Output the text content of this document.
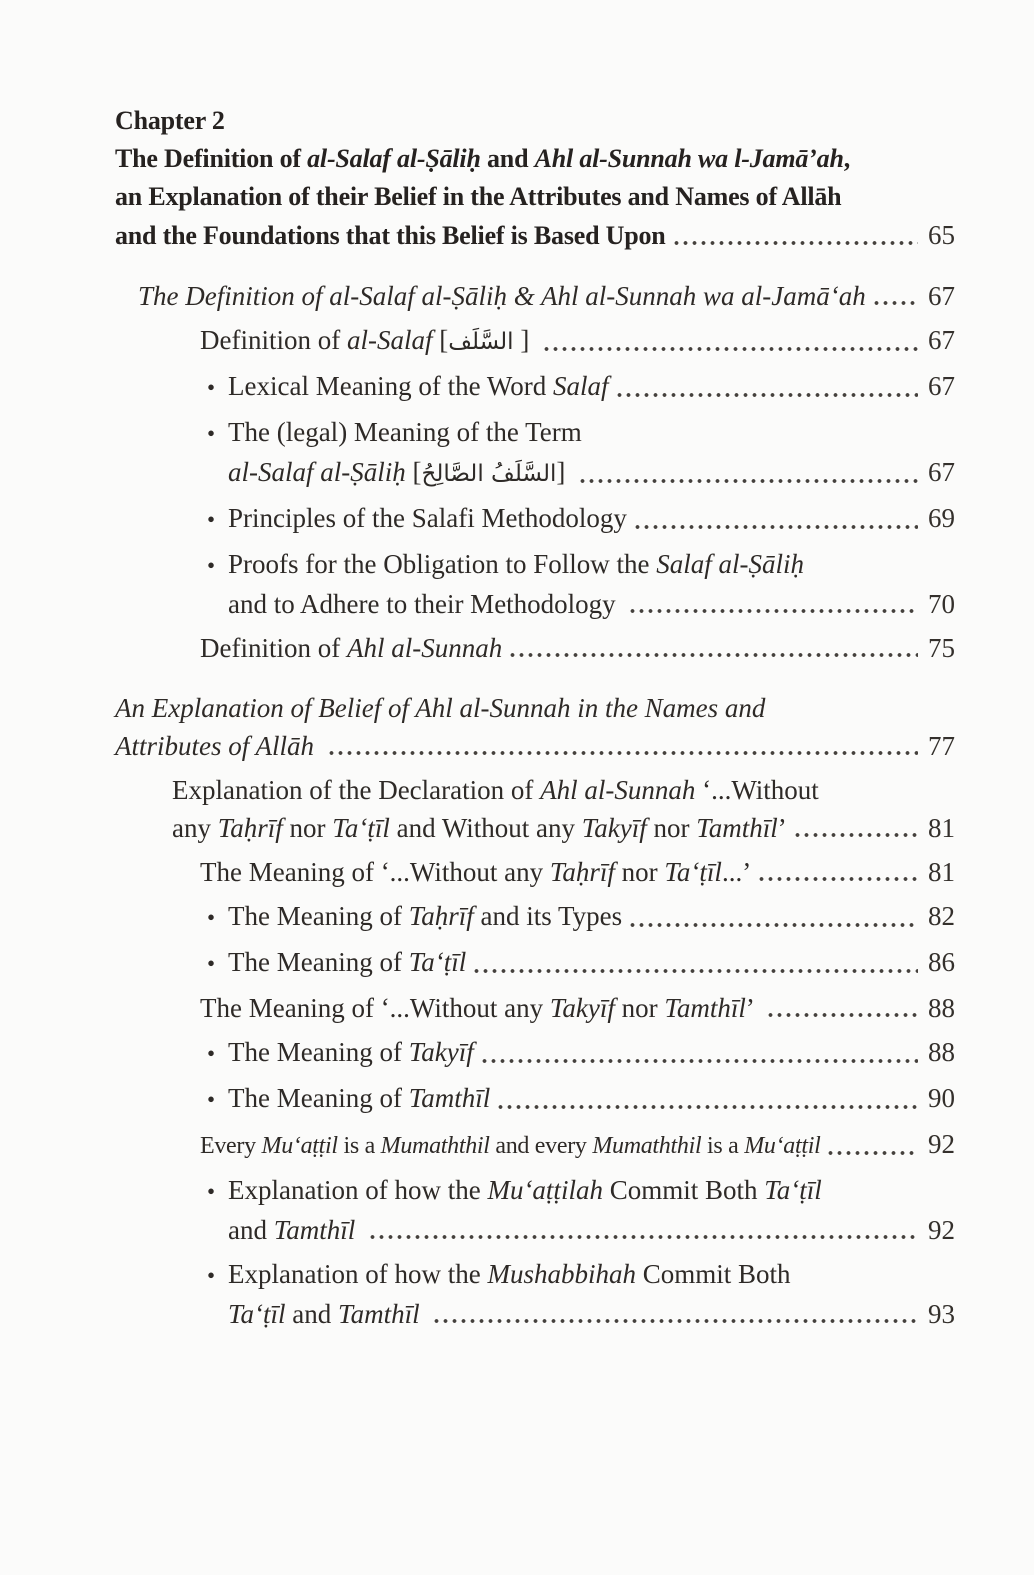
Chapter 2
The Definition of al-Salaf al-Ṣāliḥ and Ahl al-Sunnah wa l-Jamā’ah,
an Explanation of their Belief in the Attributes and Names of Allāh
and the Foundations that this Belief is Based Upon	65
The Definition of al-Salaf al-Ṣāliḥ & Ahl al-Sunnah wa al-Jamā‘ah 67
Definition of al-Salaf [السَّلَف ]	67
• Lexical Meaning of the Word Salaf	67
• The (legal) Meaning of the Term
al-Salaf al-Ṣāliḥ [السَّلَفُ الصَّالِحُ]	67
• Principles of the Salafi Methodology	69
• Proofs for the Obligation to Follow the Salaf al-Ṣāliḥ
and to Adhere to their Methodology	70
Definition of Ahl al-Sunnah	75
An Explanation of Belief of Ahl al-Sunnah in the Names and
Attributes of Allāh	77
Explanation of the Declaration of Ahl al-Sunnah ‘...Without
any Taḥrīf nor Ta‘ṭīl and Without any Takyīf nor Tamthīl’	81
The Meaning of ‘...Without any Taḥrīf nor Ta‘ṭīl...’	81
• The Meaning of Taḥrīf and its Types	82
• The Meaning of Ta‘ṭīl	86
The Meaning of ‘...Without any Takyīf nor Tamthīl’	88
• The Meaning of Takyīf	88
• The Meaning of Tamthīl	90
Every Mu‘aṭṭil is a Mumaththil and every Mumaththil is a Mu‘aṭṭil	92
• Explanation of how the Mu‘aṭṭilah Commit Both Ta‘ṭīl
and Tamthīl	92
• Explanation of how the Mushabbihah Commit Both
Ta‘ṭīl and Tamthīl	93
